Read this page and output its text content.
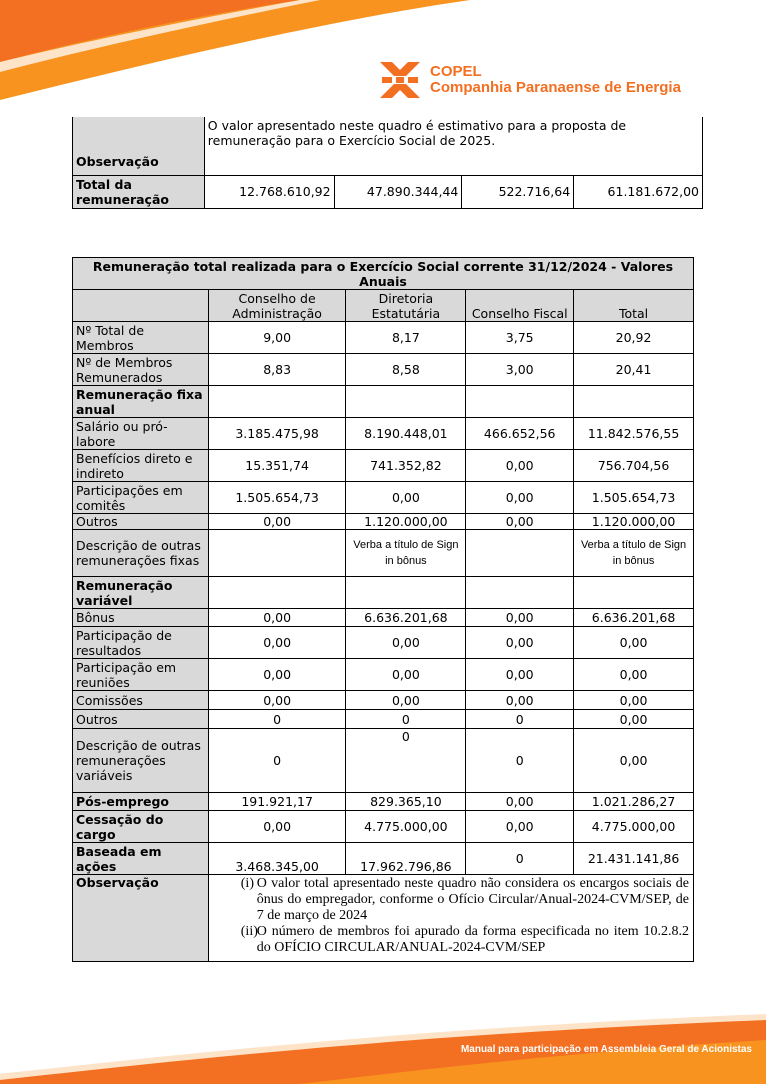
COPEL
Companhia Paranaense de Energia
Observação	O valor apresentado neste quadro é estimativo para a proposta de remuneração para o Exercício Social de 2025.			
Total da remuneração	12.768.610,92	47.890.344,44	522.716,64	61.181.672,00
Remuneração total realizada para o Exercício Social corrente 31/12/2024 - Valores Anuais				
	Conselho de Administração	Diretoria Estatutária	Conselho Fiscal	Total
Nº Total de Membros	9,00	8,17	3,75	20,92
Nº de Membros Remunerados	8,83	8,58	3,00	20,41
Remuneração fixa anual				
Salário ou pró-labore	3.185.475,98	8.190.448,01	466.652,56	11.842.576,55
Benefícios direto e indireto	15.351,74	741.352,82	0,00	756.704,56
Participações em comitês	1.505.654,73	0,00	0,00	1.505.654,73
Outros	0,00	1.120.000,00	0,00	1.120.000,00
Descrição de outras remunerações fixas		Verba a título de Sign in bônus		Verba a título de Sign in bônus
Remuneração variável				
Bônus	0,00	6.636.201,68	0,00	6.636.201,68
Participação de resultados	0,00	0,00	0,00	0,00
Participação em reuniões	0,00	0,00	0,00	0,00
Comissões	0,00	0,00	0,00	0,00
Outros	0	0	0	0,00
Descrição de outras remunerações variáveis	0	0	0	0,00
Pós-emprego	191.921,17	829.365,10	0,00	1.021.286,27
Cessação do cargo	0,00	4.775.000,00	0,00	4.775.000,00
Baseada em ações	3.468.345,00	17.962.796,86	0	21.431.141,86
Observação	(i) O valor total apresentado neste quadro não considera os encargos sociais de ônus do empregador, conforme o Ofício Circular/Anual-2024-CVM/SEP, de 7 de março de 2024
(ii)
O número de membros foi apurado da forma especificada no item 10.2.8.2 do OFÍCIO CIRCULAR/ANUAL-2024-CVM/SEP			
Manual para participação em Assembleia Geral de Acionistas
